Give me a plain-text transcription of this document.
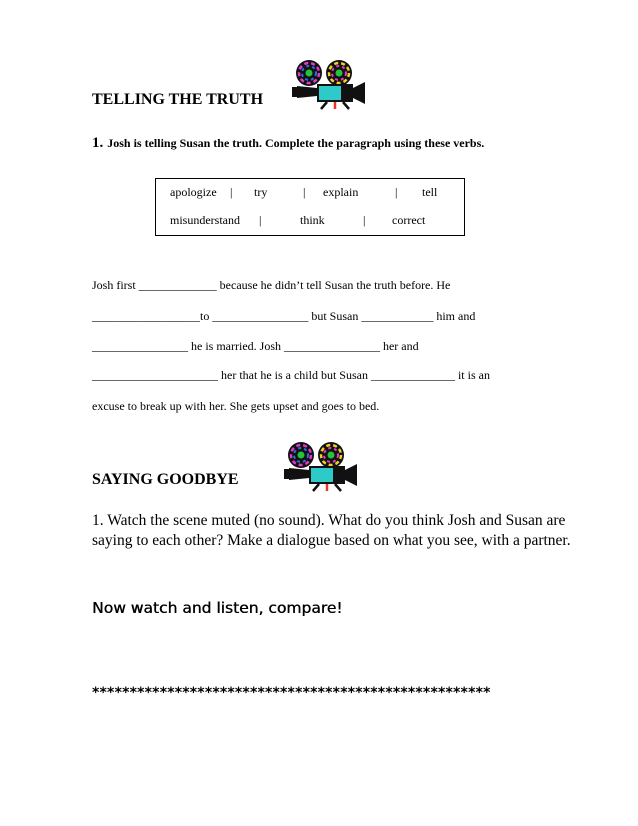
TELLING THE TRUTH
1. Josh is telling Susan the truth. Complete the paragraph using these verbs.
apologize | try	| explain	| tell
misunderstand |	think	| correct
Josh first _____________ because he didn’t tell Susan the truth before. He
__________________to ________________ but Susan ____________ him and
________________ he is married. Josh ________________ her and
_____________________ her that he is a child but Susan ______________ it is an
excuse to break up with her. She gets upset and goes to bed.
SAYING GOODBYE
1. Watch the scene muted (no sound). What do you think Josh and Susan are
saying to each other? Make a dialogue based on what you see, with a partner.
Now watch and listen, compare!
*****************************************************
